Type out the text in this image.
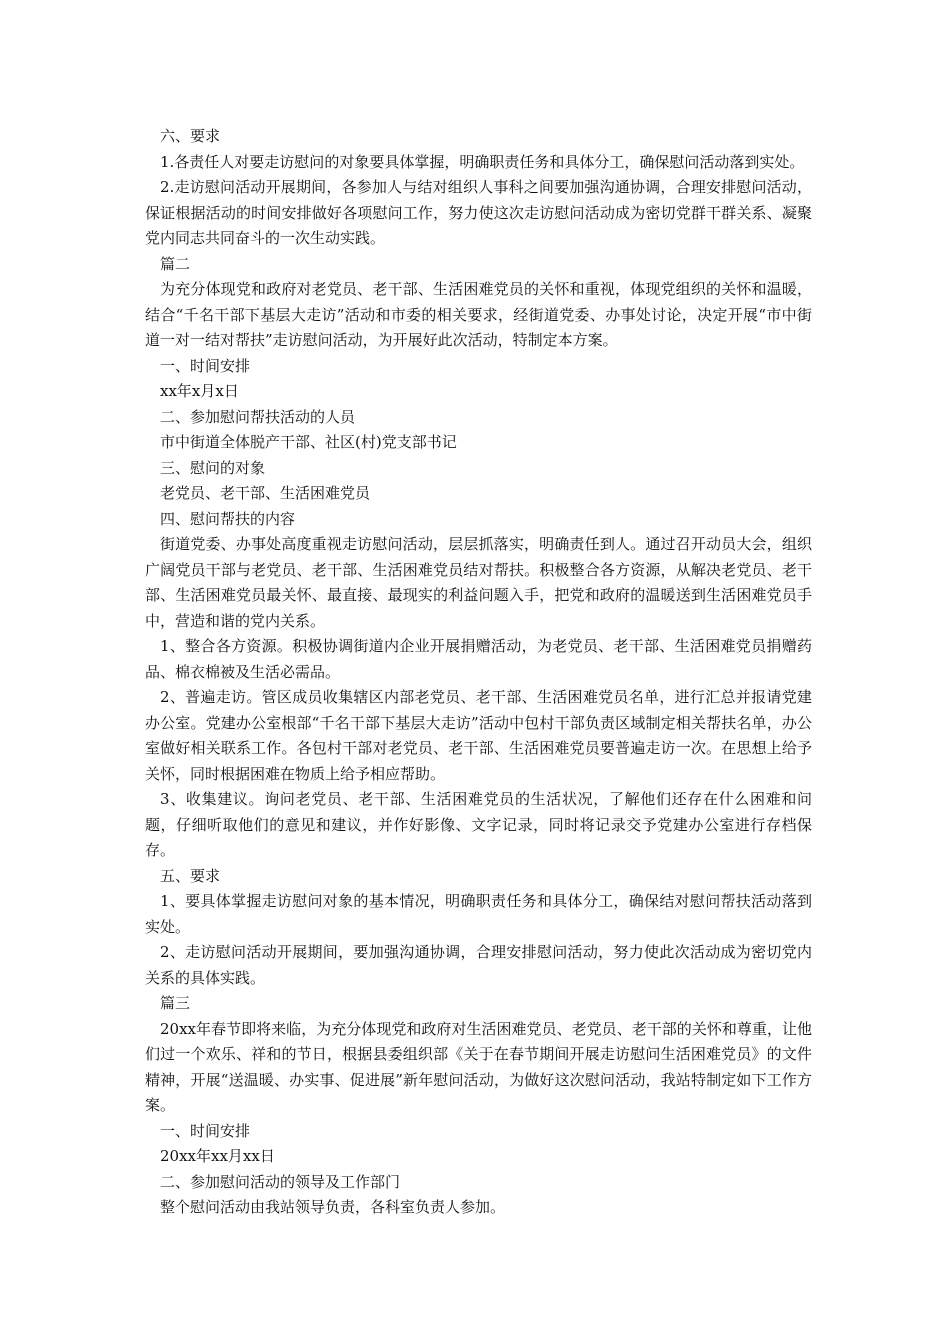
六、要求

1.各责任人对要走访慰问的对象要具体掌握，明确职责任务和具体分工，确保慰问活动落到实处。

2.走访慰问活动开展期间，各参加人与结对组织人事科之间要加强沟通协调，合理安排慰问活动，保证根据活动的时间安排做好各项慰问工作，努力使这次走访慰问活动成为密切党群干群关系、凝聚党内同志共同奋斗的一次生动实践。

篇二

为充分体现党和政府对老党员、老干部、生活困难党员的关怀和重视，体现党组织的关怀和温暖，结合“千名干部下基层大走访”活动和市委的相关要求，经街道党委、办事处讨论，决定开展“市中街道一对一结对帮扶”走访慰问活动，为开展好此次活动，特制定本方案。

一、时间安排

xx年x月x日

二、参加慰问帮扶活动的人员

市中街道全体脱产干部、社区(村)党支部书记

三、慰问的对象

老党员、老干部、生活困难党员

四、慰问帮扶的内容

街道党委、办事处高度重视走访慰问活动，层层抓落实，明确责任到人。通过召开动员大会，组织广阔党员干部与老党员、老干部、生活困难党员结对帮扶。积极整合各方资源，从解决老党员、老干部、生活困难党员最关怀、最直接、最现实的利益问题入手，把党和政府的温暖送到生活困难党员手中，营造和谐的党内关系。

1、整合各方资源。积极协调街道内企业开展捐赠活动，为老党员、老干部、生活困难党员捐赠药品、棉衣棉被及生活必需品。

2、普遍走访。管区成员收集辖区内部老党员、老干部、生活困难党员名单，进行汇总并报请党建办公室。党建办公室根部“千名干部下基层大走访”活动中包村干部负责区域制定相关帮扶名单，办公室做好相关联系工作。各包村干部对老党员、老干部、生活困难党员要普遍走访一次。在思想上给予关怀，同时根据困难在物质上给予相应帮助。

3、收集建议。询问老党员、老干部、生活困难党员的生活状况，了解他们还存在什么困难和问题，仔细听取他们的意见和建议，并作好影像、文字记录，同时将记录交予党建办公室进行存档保存。

五、要求

1、要具体掌握走访慰问对象的基本情况，明确职责任务和具体分工，确保结对慰问帮扶活动落到实处。

2、走访慰问活动开展期间，要加强沟通协调，合理安排慰问活动，努力使此次活动成为密切党内关系的具体实践。

篇三

20xx年春节即将来临，为充分体现党和政府对生活困难党员、老党员、老干部的关怀和尊重，让他们过一个欢乐、祥和的节日，根据县委组织部《关于在春节期间开展走访慰问生活困难党员》的文件精神，开展“送温暖、办实事、促进展”新年慰问活动，为做好这次慰问活动，我站特制定如下工作方案。

一、时间安排

20xx年xx月xx日

二、参加慰问活动的领导及工作部门

整个慰问活动由我站领导负责，各科室负责人参加。
